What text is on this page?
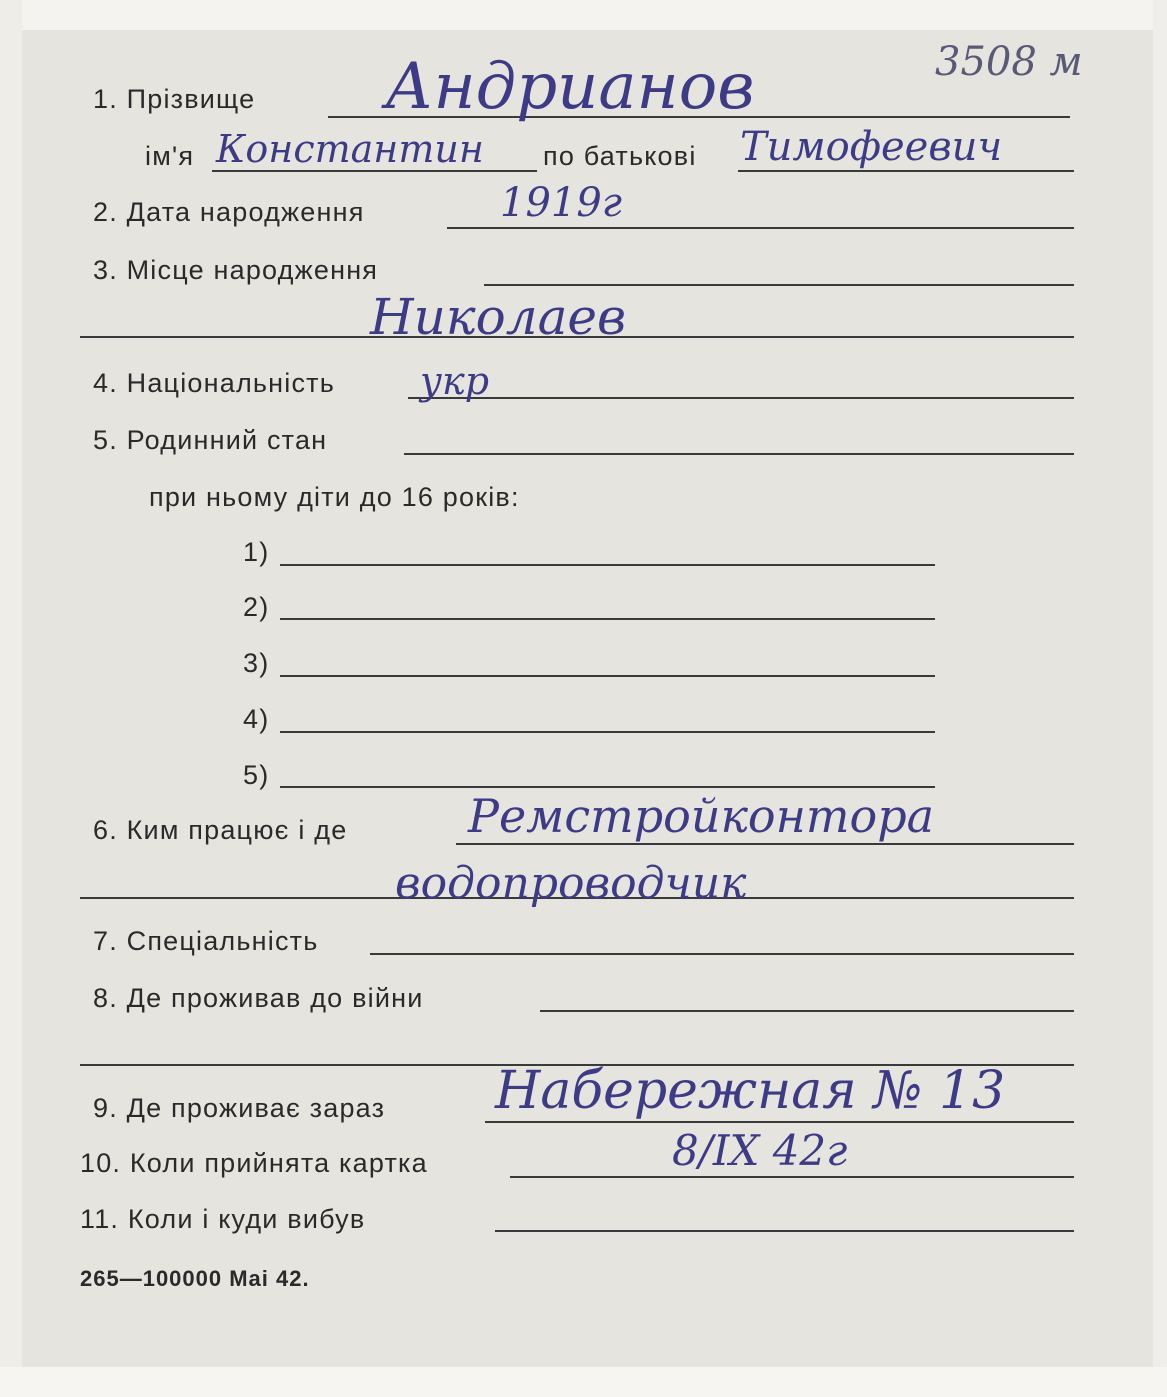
3508 м
1. Прізвище Андрианов
ім'я Константин по батькові Тимофеевич
2. Дата народження	1919г
3. Місце народження
Николаев
4. Національність укр
5. Родинний стан
при ньому діти до 16 років:
1)
2)
3)
4)
5)
6. Ким працює і де	Ремстройконтора
водопроводчик
7. Спеціальність
8. Де проживав до війни
9. Де проживає зараз Набережная № 13
10. Коли прийнята картка	8/IX 42г
11. Коли і куди вибув
265—100000 Mai 42.
